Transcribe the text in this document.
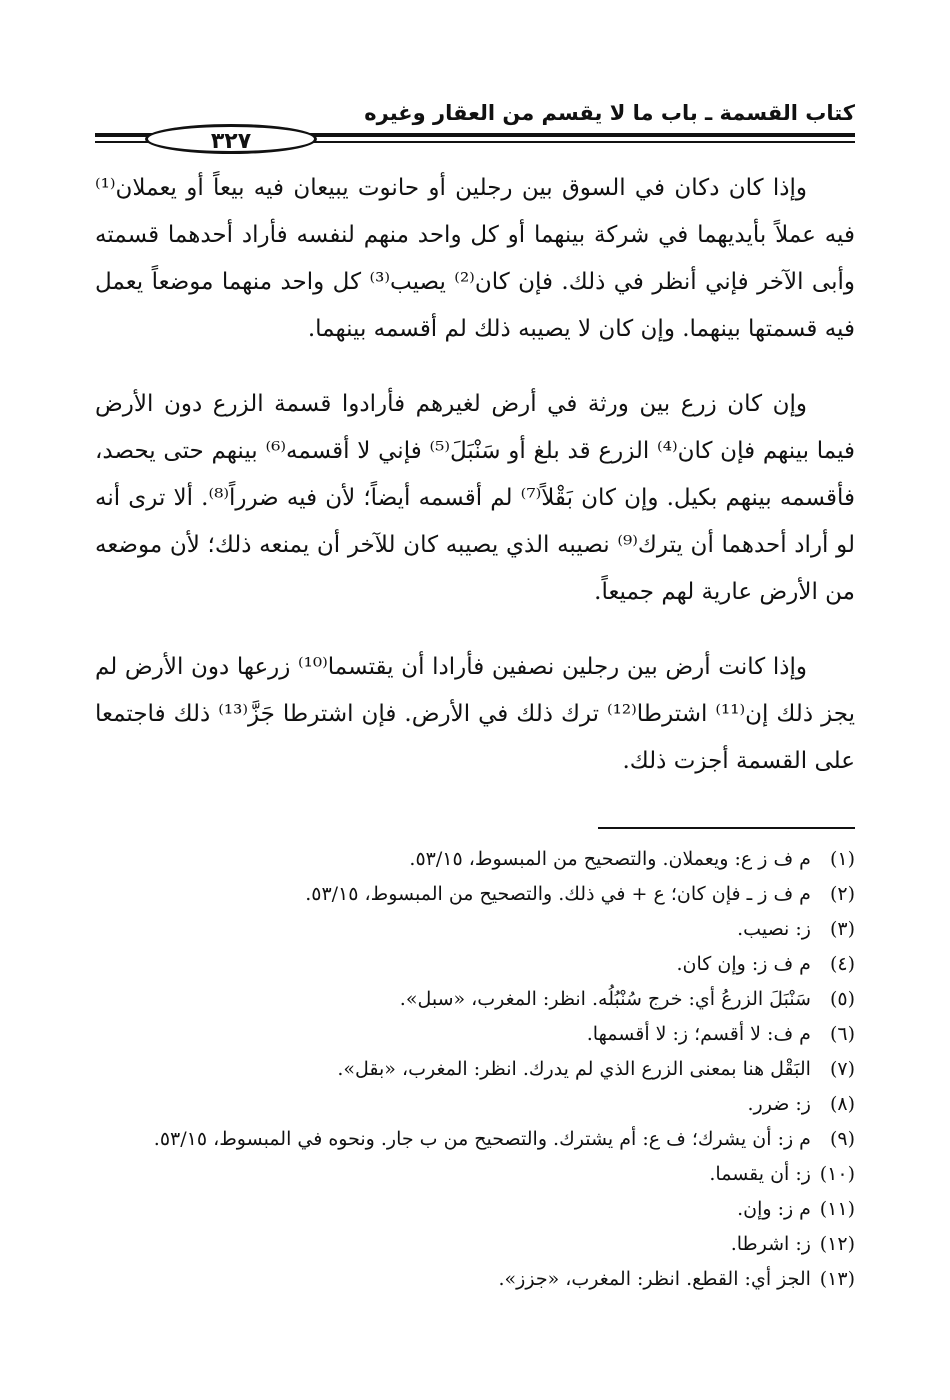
كتاب القسمة ـ باب ما لا يقسم من العقار وغيره
٣٢٧

وإذا كان دكان في السوق بين رجلين أو حانوت يبيعان فيه بيعاً أو يعملان⁽¹⁾ فيه عملاً بأيديهما في شركة بينهما أو كل واحد منهم لنفسه فأراد أحدهما قسمته وأبى الآخر فإني أنظر في ذلك. فإن كان⁽²⁾ يصيب⁽³⁾ كل واحد منهما موضعاً يعمل فيه قسمتها بينهما. وإن كان لا يصيبه ذلك لم أقسمه بينهما.

وإن كان زرع بين ورثة في أرض لغيرهم فأرادوا قسمة الزرع دون الأرض فيما بينهم فإن كان⁽⁴⁾ الزرع قد بلغ أو سَنْبَلَ⁽⁵⁾ فإني لا أقسمه⁽⁶⁾ بينهم حتى يحصد، فأقسمه بينهم بكيل. وإن كان بَقْلاً⁽⁷⁾ لم أقسمه أيضاً؛ لأن فيه ضرراً⁽⁸⁾. ألا ترى أنه لو أراد أحدهما أن يترك⁽⁹⁾ نصيبه الذي يصيبه كان للآخر أن يمنعه ذلك؛ لأن موضعه من الأرض عارية لهم جميعاً.

وإذا كانت أرض بين رجلين نصفين فأرادا أن يقتسما⁽¹⁰⁾ زرعها دون الأرض لم يجز ذلك إن⁽¹¹⁾ اشترطا⁽¹²⁾ ترك ذلك في الأرض. فإن اشترطا جَزَّ⁽¹³⁾ ذلك فاجتمعا على القسمة أجزت ذلك.

(١) م ف ز ع: ويعملان. والتصحيح من المبسوط، ٥٣/١٥.

(٢) م ف ز ـ فإن كان؛ ع + في ذلك. والتصحيح من المبسوط، ٥٣/١٥.

(٣) ز: نصيب.

(٤) م ف ز: وإن كان.

(٥) سَنْبَلَ الزرعُ أي: خرج سُنْبُلُه. انظر: المغرب، «سبل».

(٦) م ف: لا أقسم؛ ز: لا أقسمها.

(٧) البَقْل هنا بمعنى الزرع الذي لم يدرك. انظر: المغرب، «بقل».

(٨) ز: ضرر.

(٩) م ز: أن يشرك؛ ف ع: أم يشترك. والتصحيح من ب جار. ونحوه في المبسوط، ٥٣/١٥.

(١٠) ز: أن يقسما.

(١١) م ز: وإن.

(١٢) ز: اشرطا.

(١٣) الجز أي: القطع. انظر: المغرب، «جزز».
